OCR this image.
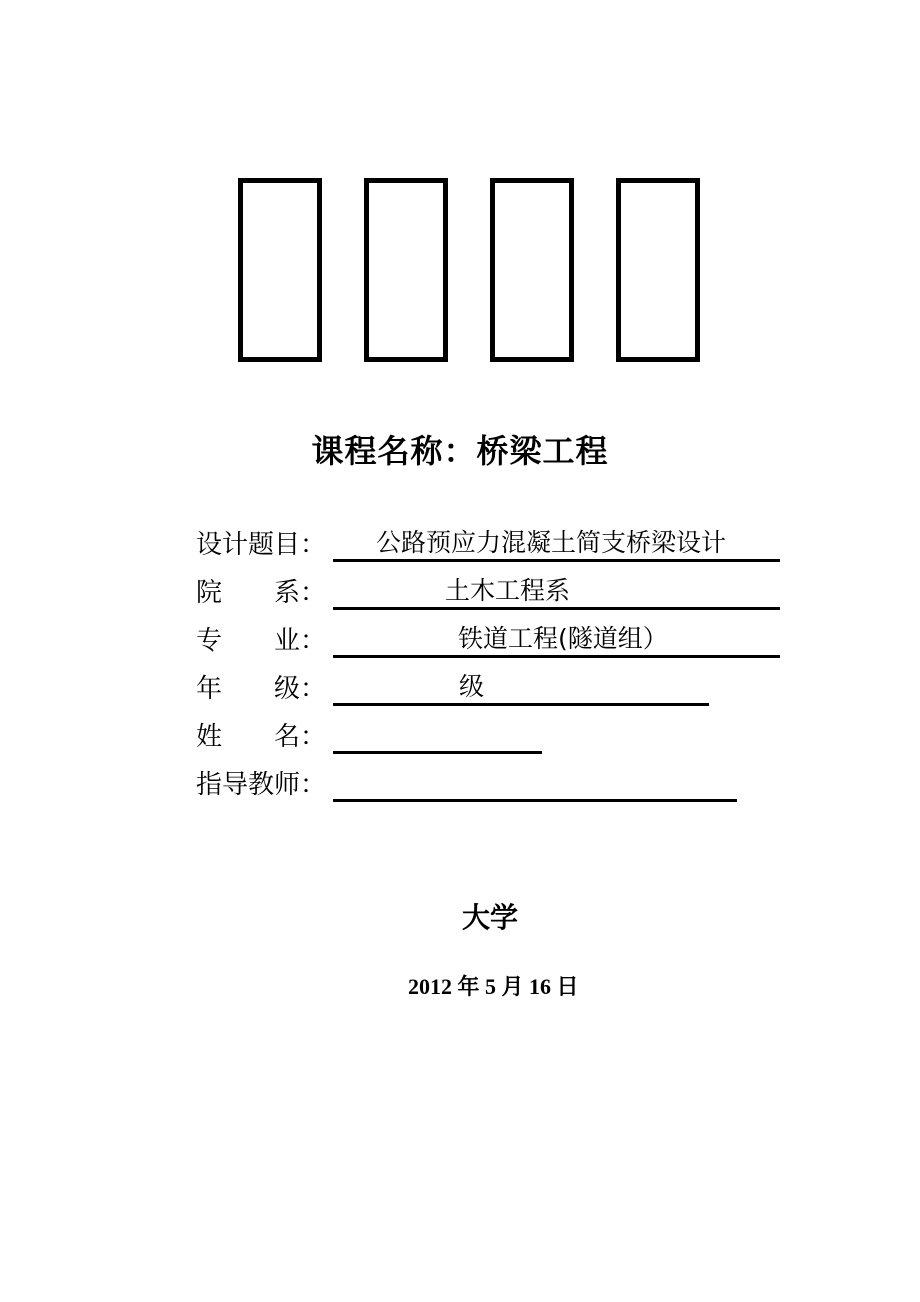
课程名称：桥梁工程
设计题目： 公路预应力混凝土简支桥梁设计
院　　系：	土木工程系
专　　业：	铁道工程(隧道组）
年　　级：	级
姓　　名：
指导教师：
大学
2012 年 5 月 16 日
